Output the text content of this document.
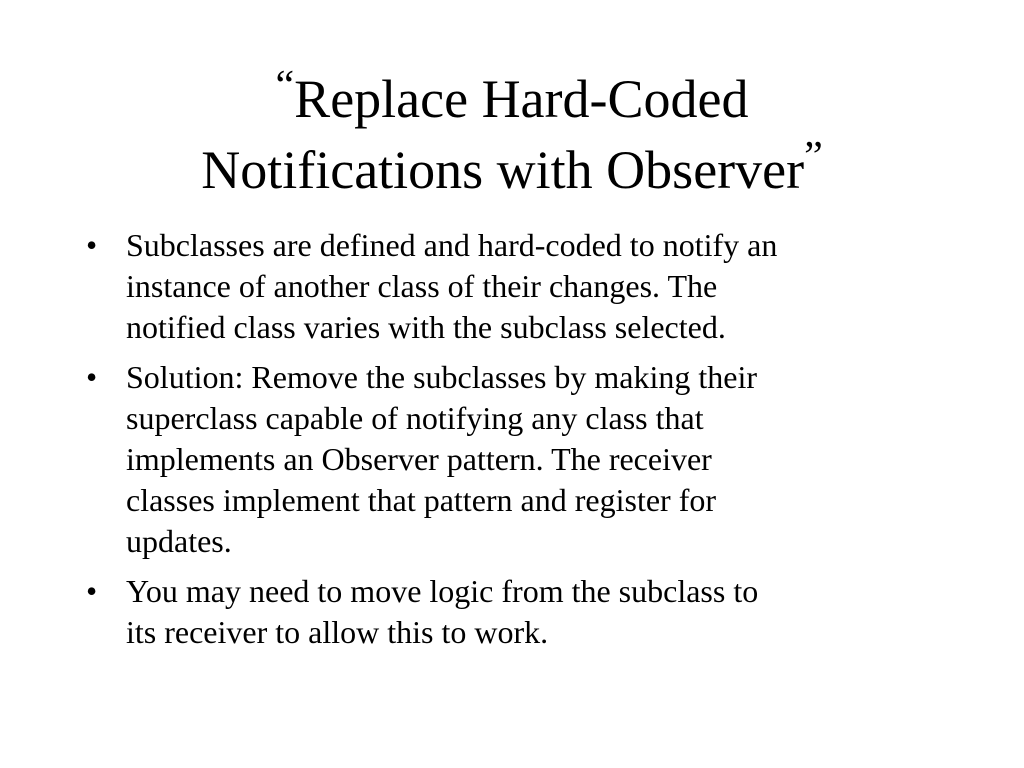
“Replace Hard-Coded
Notifications with Observer”
• Subclasses are defined and hard-coded to notify an
instance of another class of their changes. The
notified class varies with the subclass selected.
• Solution: Remove the subclasses by making their
superclass capable of notifying any class that
implements an Observer pattern. The receiver
classes implement that pattern and register for
updates.
• You may need to move logic from the subclass to
its receiver to allow this to work.
